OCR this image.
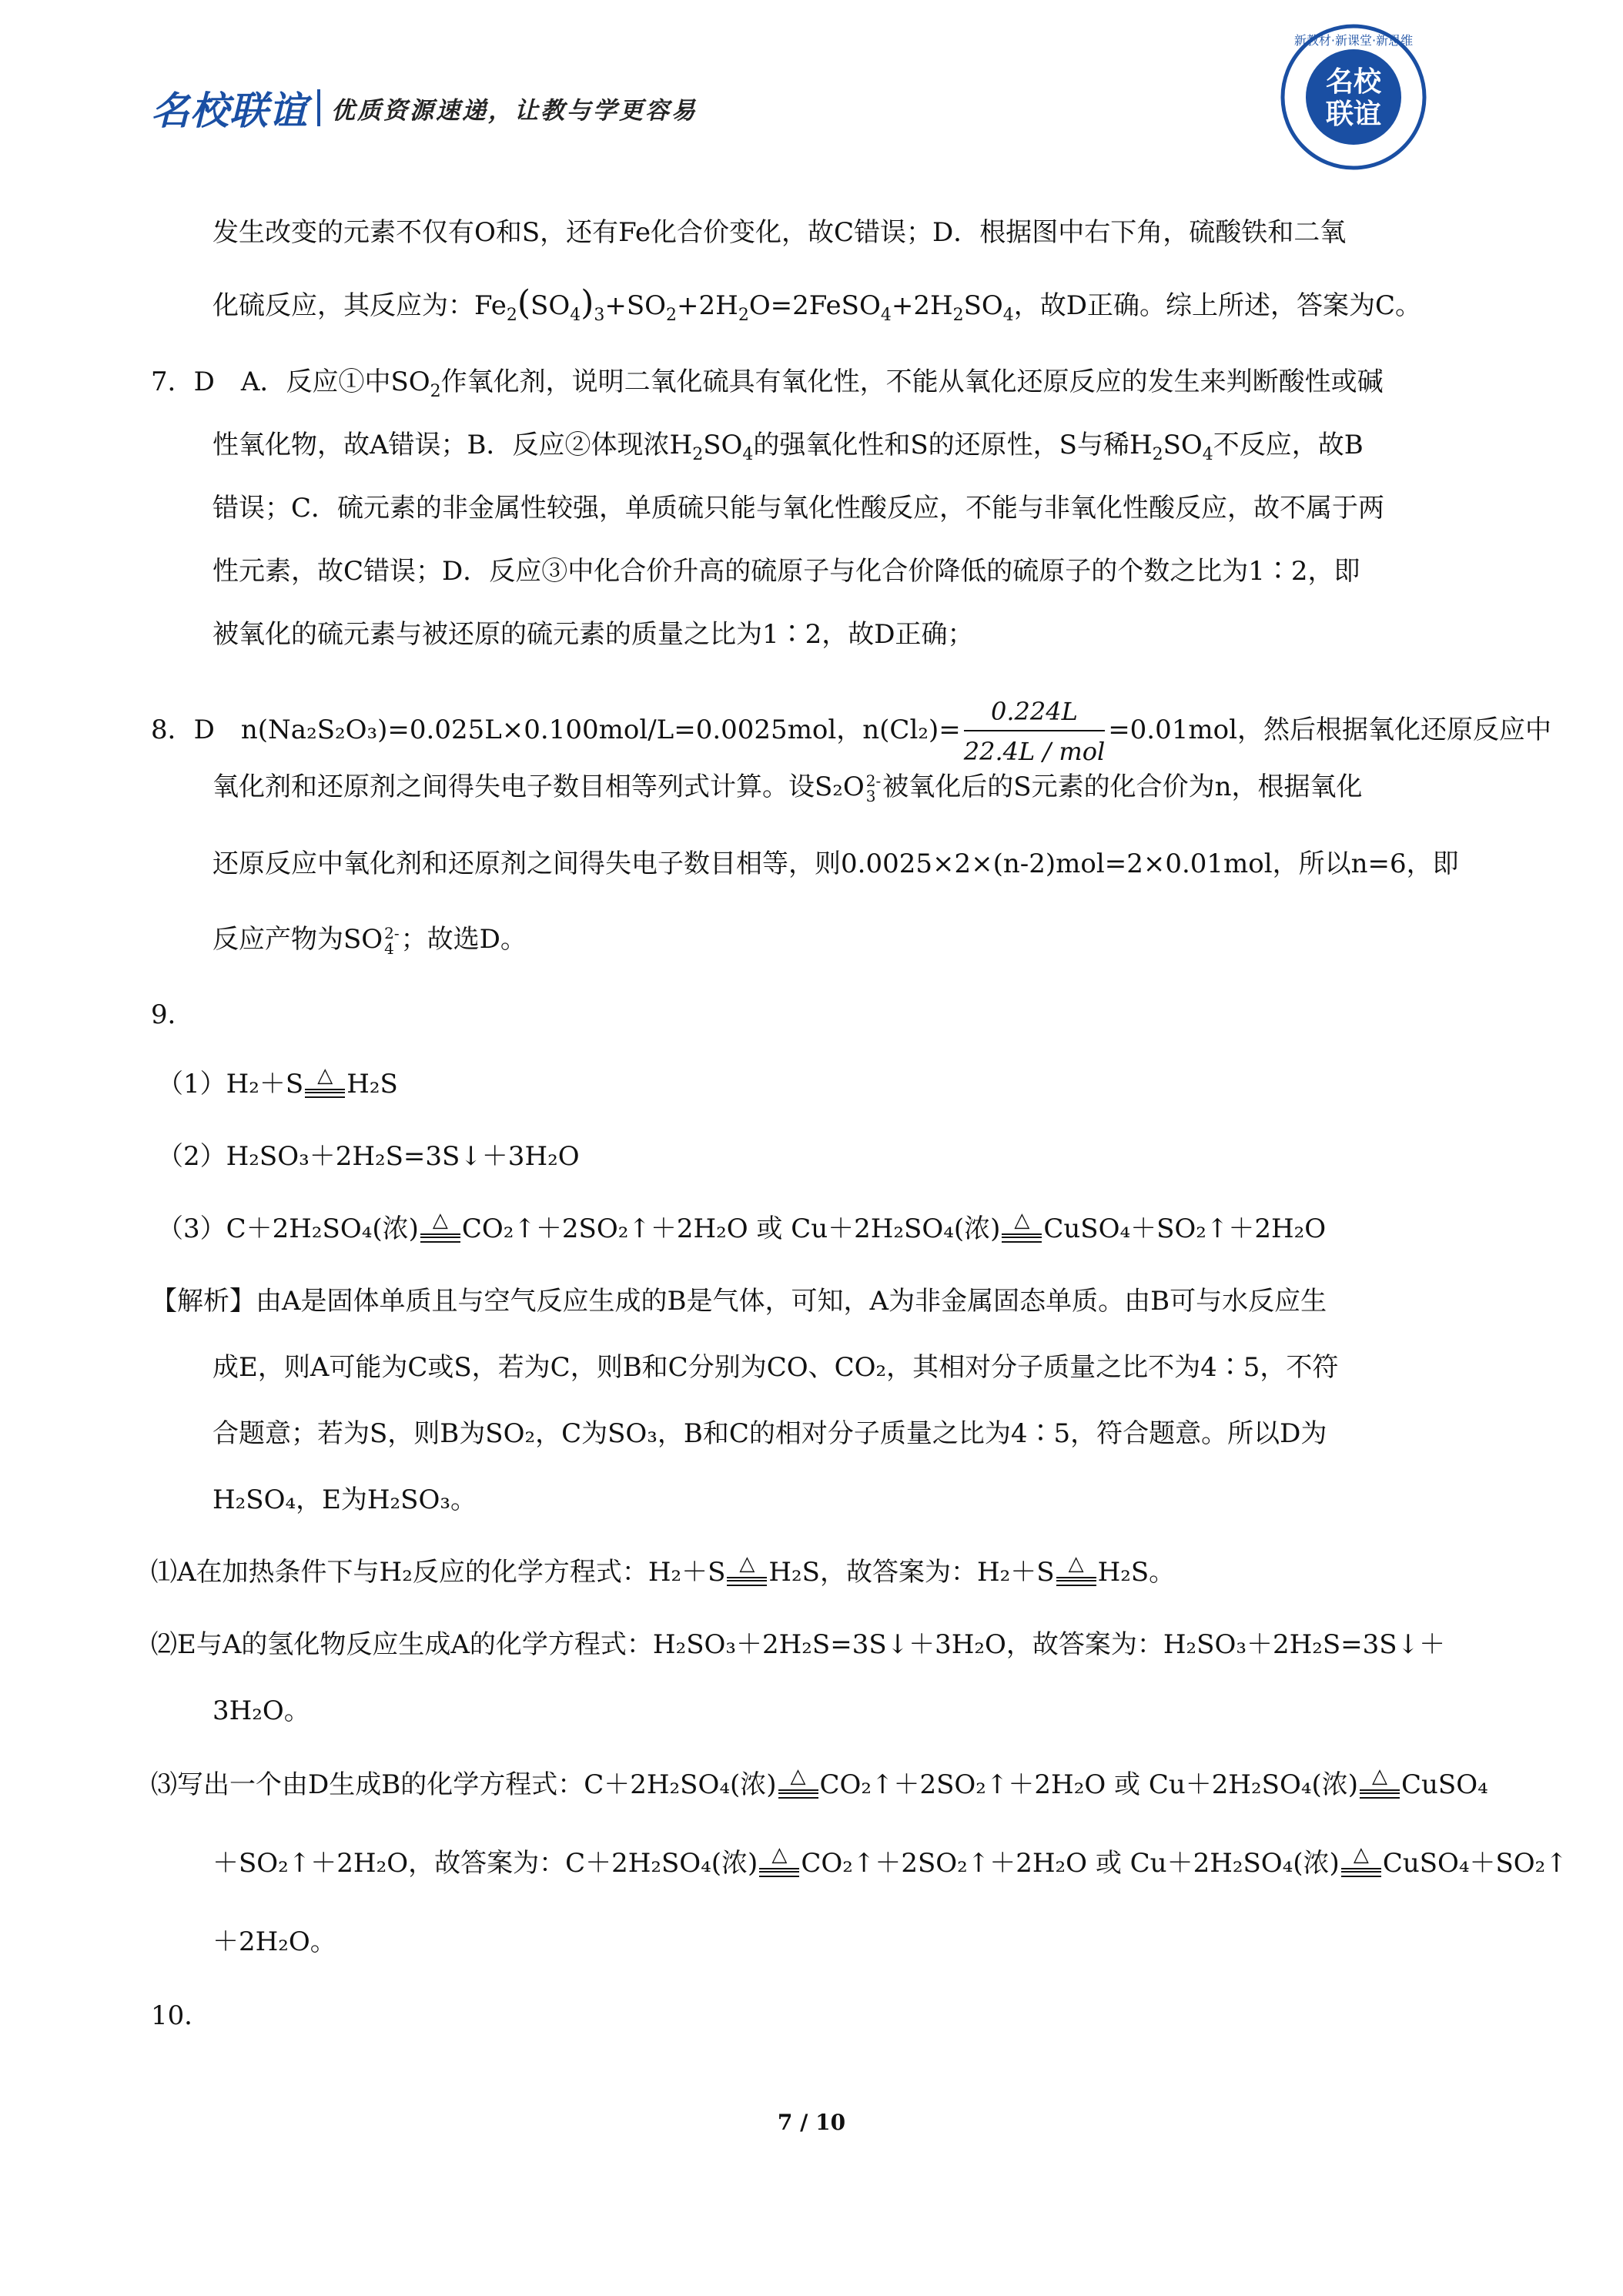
名校联谊 优质资源速递，让教与学更容易
名校
联谊
新教材·新课堂·新思维
发生改变的元素不仅有O和S，还有Fe化合价变化，故C错误；D．根据图中右下角，硫酸铁和二氧
化硫反应，其反应为：$Fe_2(SO_4)_3+SO_2+2H_2O=2FeSO_4+2H_2SO_4$，故D正确。综上所述，答案为C。
7．D　A．反应①中$SO_2$作氧化剂，说明二氧化硫具有氧化性，不能从氧化还原反应的发生来判断酸性或碱
性氧化物，故A错误；B．反应②体现浓$H_2SO_4$的强氧化性和S的还原性，S与稀$H_2SO_4$不反应，故B
错误；C．硫元素的非金属性较强，单质硫只能与氧化性酸反应，不能与非氧化性酸反应，故不属于两
性元素，故C错误；D．反应③中化合价升高的硫原子与化合价降低的硫原子的个数之比为1∶2，即
被氧化的硫元素与被还原的硫元素的质量之比为1∶2，故D正确；
8．D　n(Na₂S₂O₃)=0.025L×0.100mol/L=0.0025mol，$n(Cl_2)= \frac{0.224L}{\text{22.4L / mol}} =0.01mol$，然后根据氧化还原反应中
氧化剂和还原剂之间得失电子数目相等列式计算。设S₂O 2-
3 被氧化后的S元素的化合价为n，根据氧化
还原反应中氧化剂和还原剂之间得失电子数目相等，则0.0025×2×(n-2)mol=2×0.01mol，所以n=6，即
反应产物为SO 2-
4 ；故选D。
9．
（1）H₂＋S △ H₂S
（2）H₂SO₃＋2H₂S=3S↓＋3H₂O
（3）C＋2H₂SO₄(浓) △ CO₂↑＋2SO₂↑＋2H₂O 或 Cu＋2H₂SO₄(浓) △ CuSO₄＋SO₂↑＋2H₂O
【解析】由A是固体单质且与空气反应生成的B是气体，可知，A为非金属固态单质。由B可与水反应生
成E，则A可能为C或S，若为C，则B和C分别为CO、CO₂，其相对分子质量之比不为4∶5，不符
合题意；若为S，则B为SO₂，C为SO₃，B和C的相对分子质量之比为4∶5，符合题意。所以D为
H₂SO₄，E为H₂SO₃。
⑴A在加热条件下与H₂反应的化学方程式：H₂＋S △ H₂S，故答案为：H₂＋S △ H₂S。
⑵E与A的氢化物反应生成A的化学方程式：H₂SO₃＋2H₂S=3S↓＋3H₂O，故答案为：H₂SO₃＋2H₂S=3S↓＋
3H₂O。
⑶写出一个由D生成B的化学方程式：C＋2H₂SO₄(浓) △ CO₂↑＋2SO₂↑＋2H₂O 或 Cu＋2H₂SO₄(浓) △ CuSO₄
＋SO₂↑＋2H₂O，故答案为：C＋2H₂SO₄(浓) △ CO₂↑＋2SO₂↑＋2H₂O 或 Cu＋2H₂SO₄(浓) △ CuSO₄＋SO₂↑
＋2H₂O。
10．
7 / 10
